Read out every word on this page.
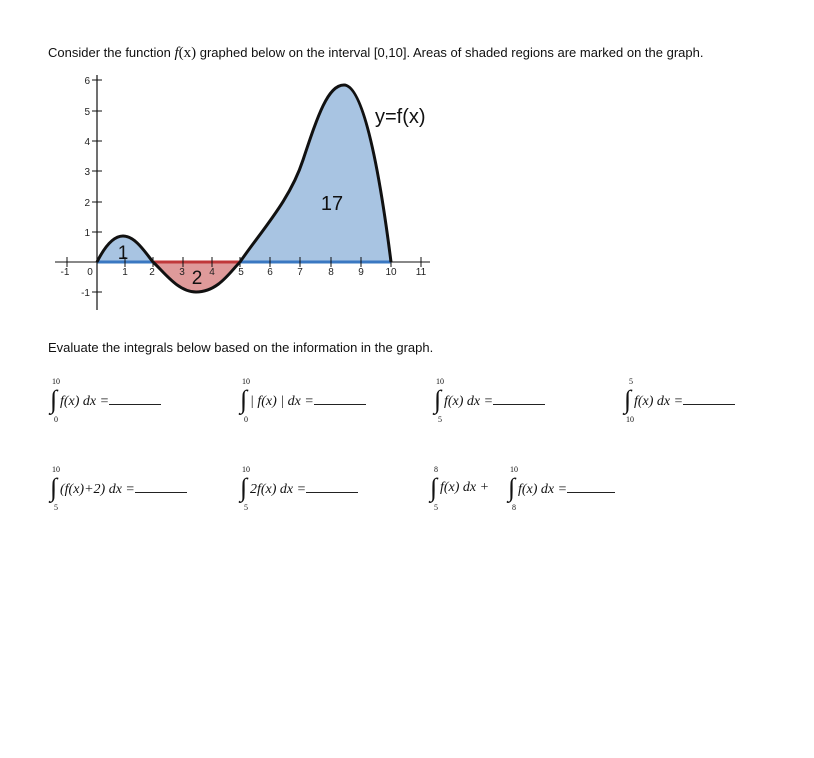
Consider the function f(x) graphed below on the interval [0,10]. Areas of shaded regions are marked on the graph.
6
5
4
3
2
1
-1
-1 0	1 2 3 4 5 6 7	8 9 10 11
1
2
17
y=f(x)
Evaluate the integrals below based on the information in the graph.
10
∫
0
f(x) dx =
10
∫
0
| f(x) | dx =
10
∫
5
f(x) dx =
5
∫
10
f(x) dx =
10
∫
5
(f(x)+2) dx =
10
∫
5
2f(x) dx =
8
∫
5
f(x) dx +
10
∫
8
f(x) dx =
